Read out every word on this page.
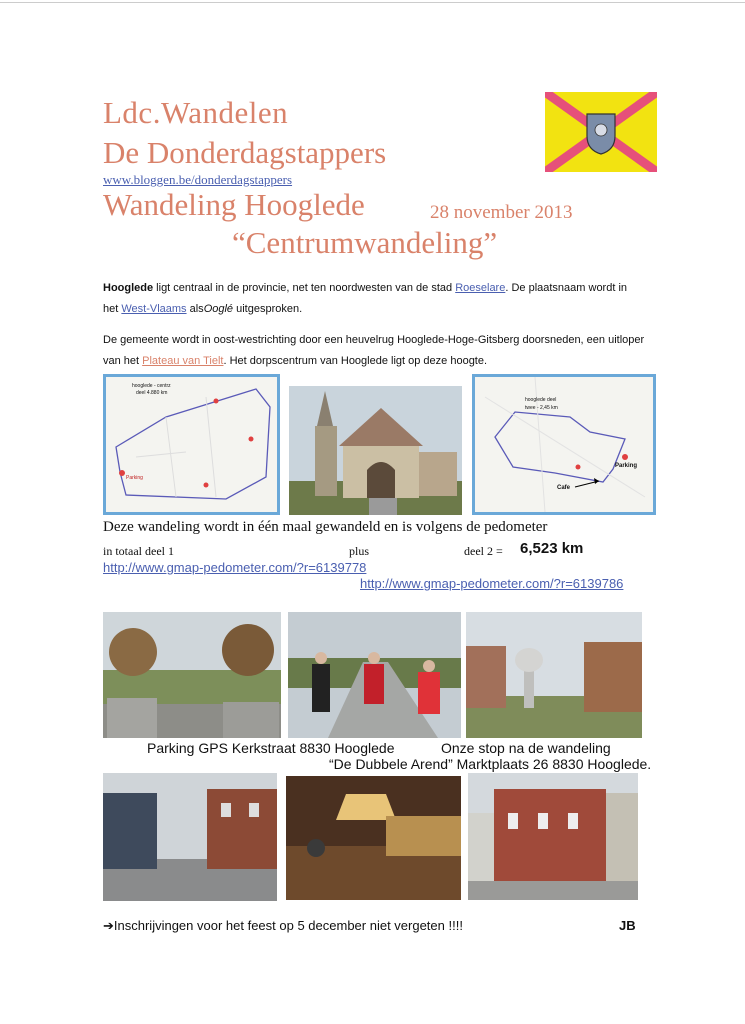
Ldc.Wandelen
De Donderdagstappers
www.bloggen.be/donderdagstappers
Wandeling Hooglede	28 november 2013
“Centrumwandeling”
Hooglede ligt centraal in de provincie, net ten noordwesten van de stad Roeselare. De plaatsnaam wordt in
het West-Vlaams alsOoglé uitgesproken.
De gemeente wordt in oost-westrichting door een heuvelrug Hooglede-Hoge-Gitsberg doorsneden, een uitloper
van het Plateau van Tielt. Het dorpscentrum van Hooglede ligt op deze hoogte.
hooglede - centrz
deel 4.880 km
Parking
hooglede deel
twee - 2,45 km
Parking
Cafe
Deze wandeling wordt in één maal gewandeld en is volgens de pedometer
in totaal deel 1	plus	deel 2 = 6,523 km
http://www.gmap-pedometer.com/?r=6139778
http://www.gmap-pedometer.com/?r=6139786
Parking GPS Kerkstraat 8830 Hooglede	Onze stop na de wandeling
“De Dubbele Arend” Marktplaats 26 8830 Hooglede.
➔Inschrijvingen voor het feest op 5 december niet vergeten !!!!	JB
